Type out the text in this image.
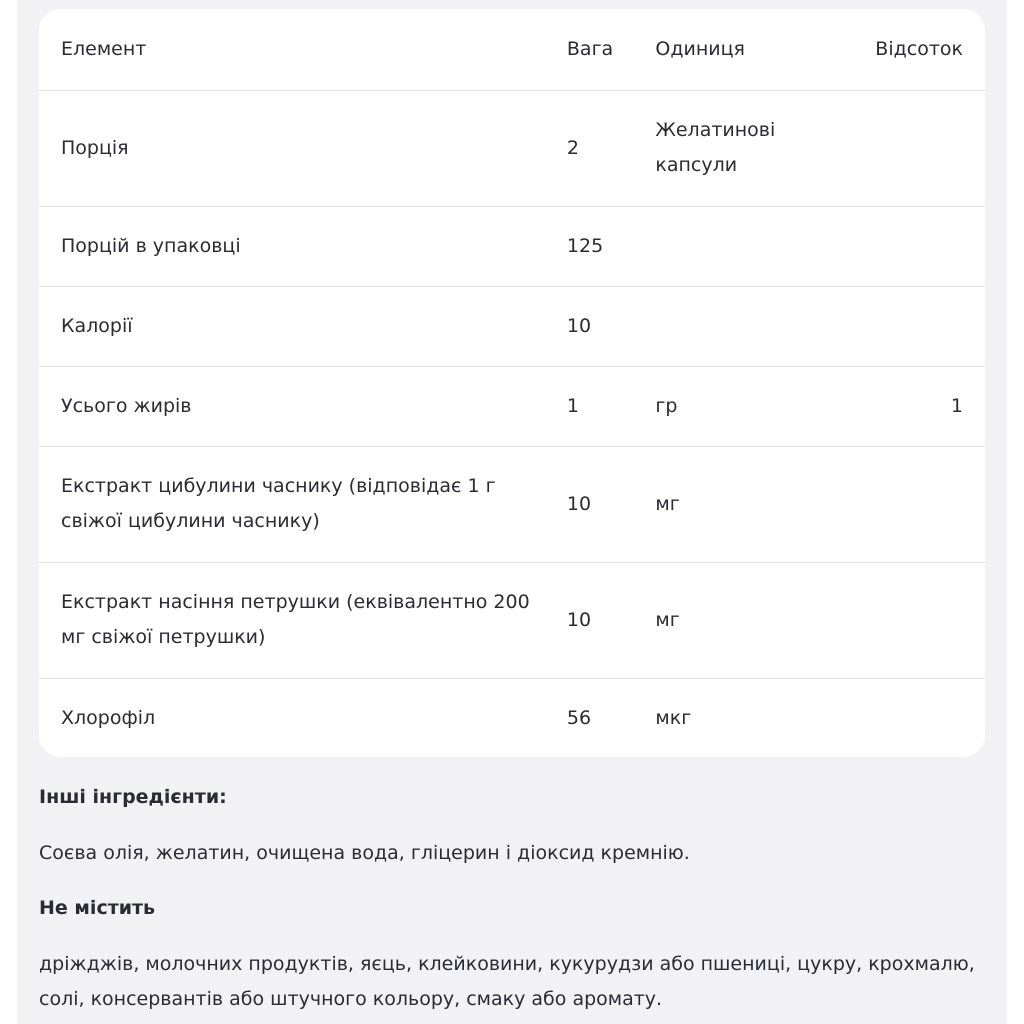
Елемент	Вага	Одиниця	Відсоток
Порція	2	Желатинові капсули	
Порцій в упаковці	125		
Калорії	10		
Усього жирів	1	гр	1
Екстракт цибулини часнику (відповідає 1 г свіжої цибулини часнику)	10	мг	
Екстракт насіння петрушки (еквівалентно 200 мг свіжої петрушки)	10	мг	
Хлорофіл	56	мкг	
Інші інгредієнти:
Соєва олія, желатин, очищена вода, гліцерин і діоксид кремнію.
Не містить
дріжджів, молочних продуктів, яєць, клейковини, кукурудзи або пшениці, цукру, крохмалю, солі, консервантів або штучного кольору, смаку або аромату.
